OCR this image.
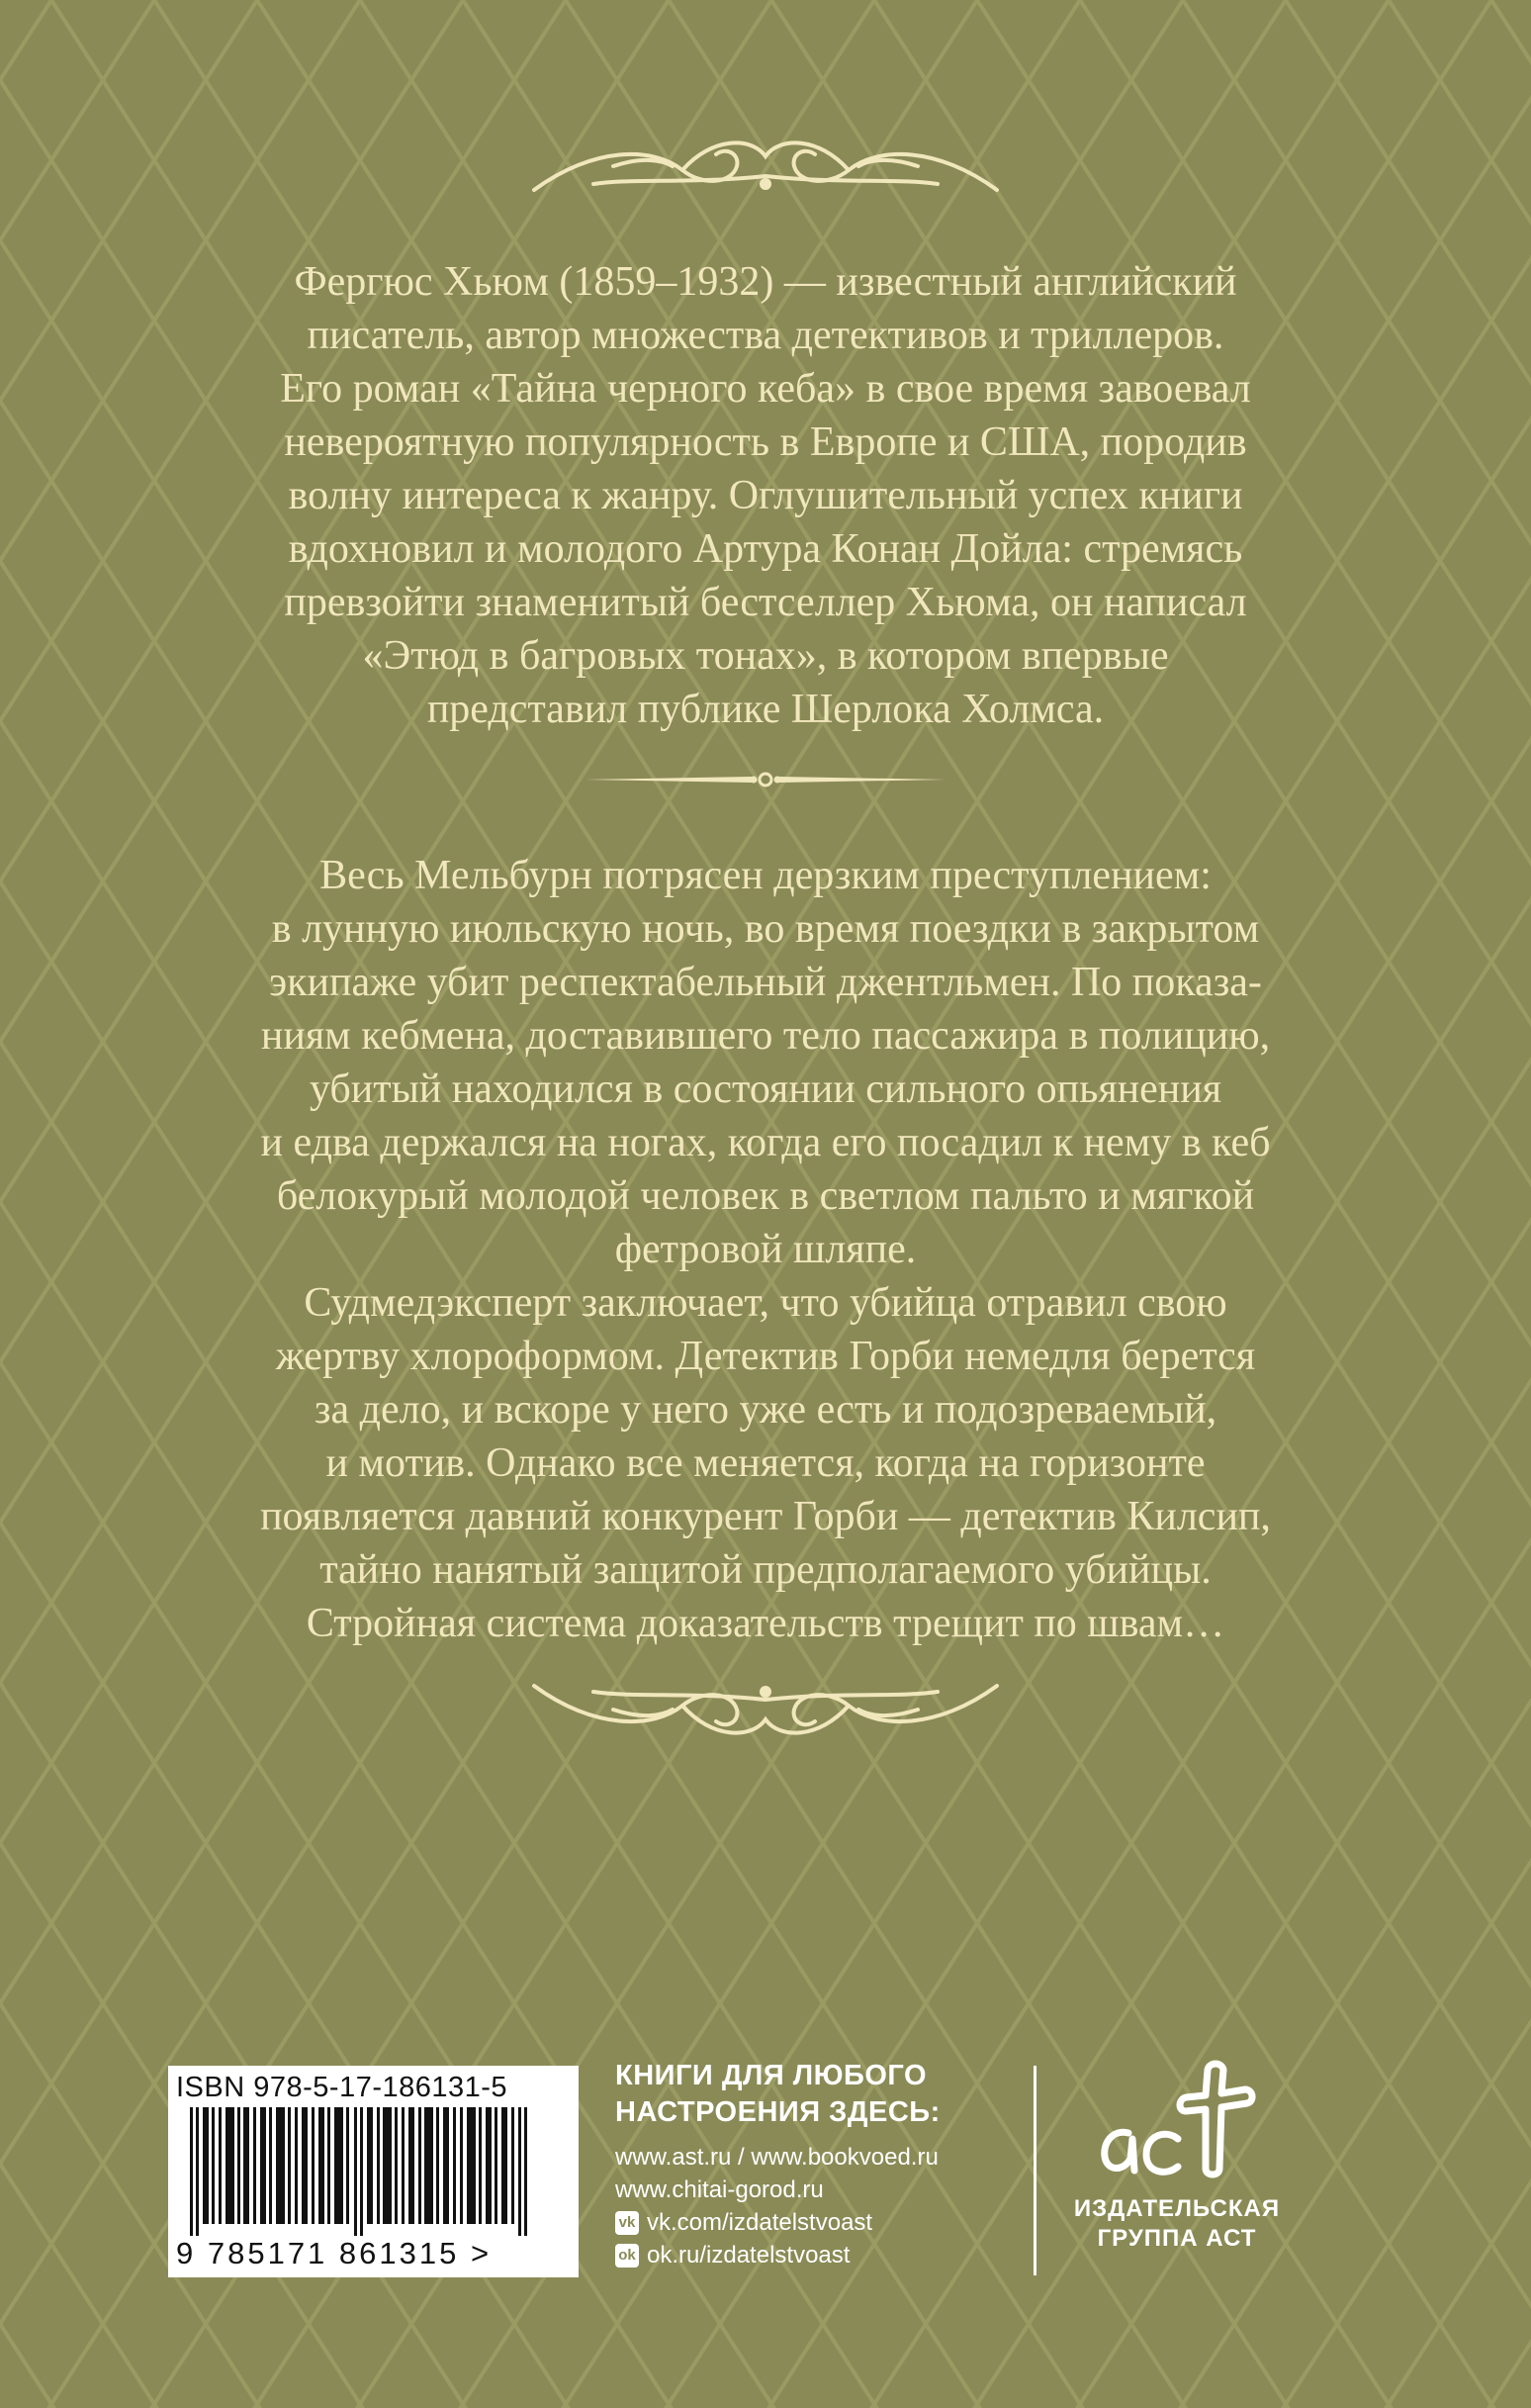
Фергюс Хьюм (1859–1932) — известный английский
писатель, автор множества детективов и триллеров.
Его роман «Тайна черного кеба» в свое время завоевал
невероятную популярность в Европе и США, породив
волну интереса к жанру. Оглушительный успех книги
вдохновил и молодого Артура Конан Дойла: стремясь
превзойти знаменитый бестселлер Хьюма, он написал
«Этюд в багровых тонах», в котором впервые
представил публике Шерлока Холмса.

Весь Мельбурн потрясен дерзким преступлением:
в лунную июльскую ночь, во время поездки в закрытом
экипаже убит респектабельный джентльмен. По показа-
ниям кебмена, доставившего тело пассажира в полицию,
убитый находился в состоянии сильного опьянения
и едва держался на ногах, когда его посадил к нему в кеб
белокурый молодой человек в светлом пальто и мягкой
фетровой шляпе.
Судмедэксперт заключает, что убийца отравил свою
жертву хлороформом. Детектив Горби немедля берется
за дело, и вскоре у него уже есть и подозреваемый,
и мотив. Однако все меняется, когда на горизонте
появляется давний конкурент Горби — детектив Килсип,
тайно нанятый защитой предполагаемого убийцы.
Стройная система доказательств трещит по швам…

ISBN 978-5-17-186131-5
9 785171 861315 >
КНИГИ ДЛЯ ЛЮБОГО
НАСТРОЕНИЯ ЗДЕСЬ:
www.ast.ru / www.bookvoed.ru
www.chitai-gorod.ru
vk vk.com/izdatelstvoast
ok ok.ru/izdatelstvoast
ИЗДАТЕЛЬСКАЯ
ГРУППА АСТ
